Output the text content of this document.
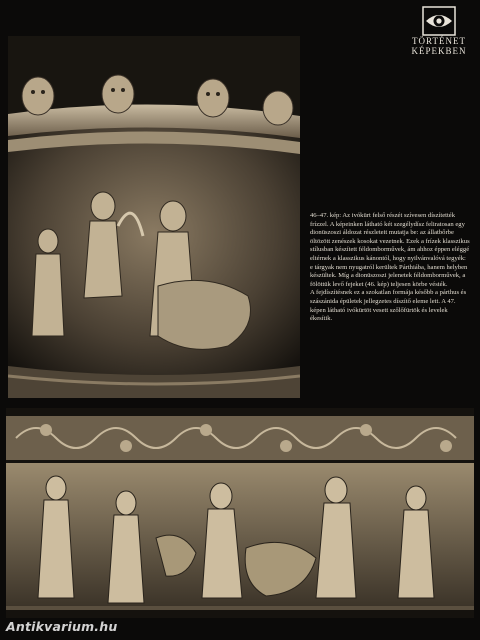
TÖRTÉNET
KÉPEKBEN

46–47. kép: Az ivókürt felső részét szívesen díszítették frízzel. A képeinken látható két szegélydísz feliratosan egy dionüszoszi áldozat részleteit mutatja be: az állatbőrbe öltözött zenészek kosokat vezetnek. Ezek a frízek klasszikus stílusban készített féldomborművek, ám ahhoz éppen eléggé eltérnek a klasszikus kánontól, hogy nyilvánvalóvá tegyék: e tárgyak nem nyugatról kerültek Párthiába, hanem helyben készültek. Míg a dionüszoszi jelenetek féldomborművek, a fölöttük levő fejeket (46. kép) teljesen körbe vésték.

A fejdíszítésnek ez a szokatlan formája később a párthus és szászánida épületek jellegzetes díszítő eleme lett. A 47. képen látható ivókürtöt vesett szőlőfürtök és levelek ékesítik.

Antikvarium.hu
